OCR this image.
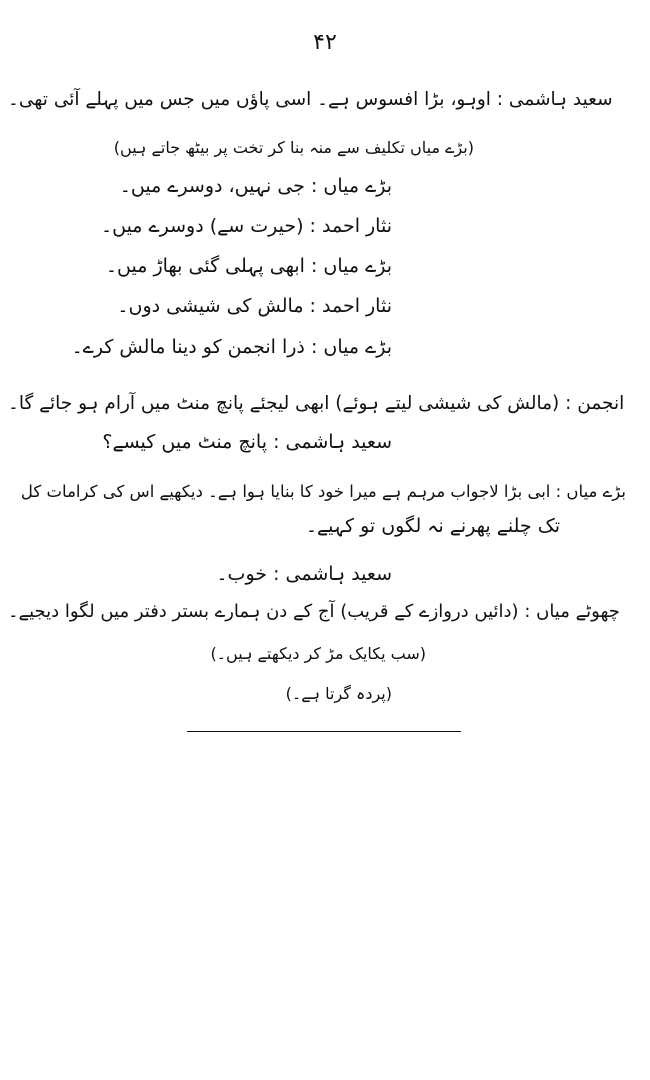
۴۲
سعید ہاشمی : اوہو، بڑا افسوس ہے۔ اسی پاؤں میں جس میں پہلے آئی تھی۔
(بڑے میاں تکلیف سے منہ بنا کر تخت پر بیٹھ جاتے ہیں)
بڑے میاں : جی نہیں، دوسرے میں۔
نثار احمد : (حیرت سے) دوسرے میں۔
بڑے میاں : ابھی پہلی گئی بھاڑ میں۔
نثار احمد : مالش کی شیشی دوں۔
بڑے میاں : ذرا انجمن کو دینا مالش کرے۔
انجمن : (مالش کی شیشی لیتے ہوئے) ابھی لیجئے پانچ منٹ میں آرام ہو جائے گا۔
سعید ہاشمی : پانچ منٹ میں کیسے؟
بڑے میاں : ابی بڑا لاجواب مرہم ہے میرا خود کا بنایا ہوا ہے۔ دیکھیے اس کی کرامات کل
تک چلنے پھرنے نہ لگوں تو کہیے۔
سعید ہاشمی : خوب۔
چھوٹے میاں : (دائیں دروازے کے قریب) آج کے دن ہمارے بستر دفتر میں لگوا دیجیے۔
(سب یکایک مڑ کر دیکھتے ہیں۔)
(پردہ گرتا ہے۔)
